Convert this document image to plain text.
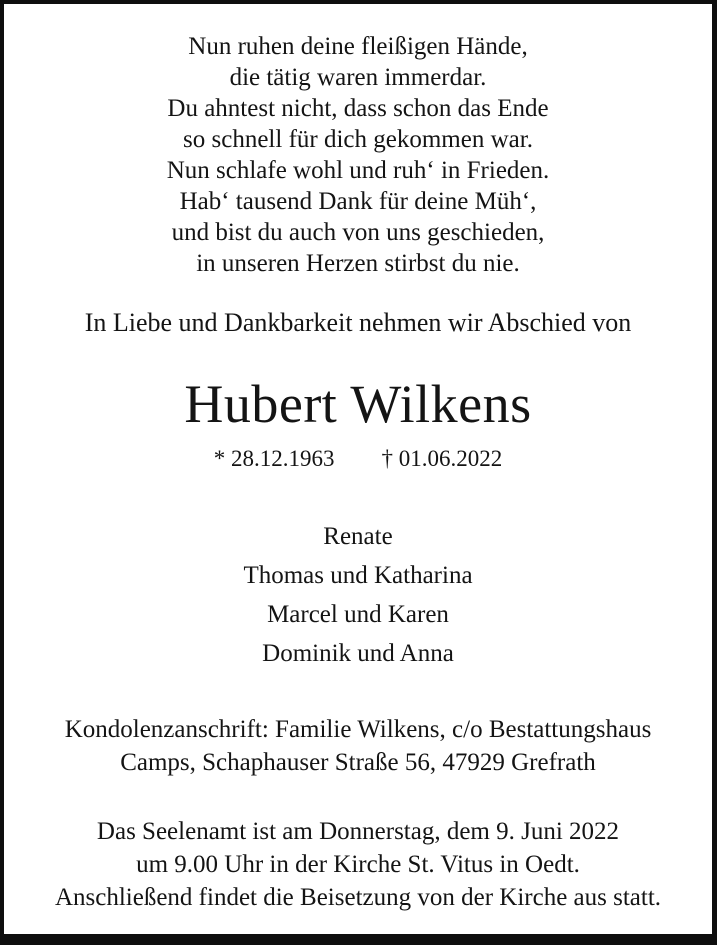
Nun ruhen deine fleißigen Hände,
die tätig waren immerdar.
Du ahntest nicht, dass schon das Ende
so schnell für dich gekommen war.
Nun schlafe wohl und ruh‘ in Frieden.
Hab‘ tausend Dank für deine Müh‘,
und bist du auch von uns geschieden,
in unseren Herzen stirbst du nie.
In Liebe und Dankbarkeit nehmen wir Abschied von
Hubert Wilkens
* 28.12.1963 † 01.06.2022
Renate
Thomas und Katharina
Marcel und Karen
Dominik und Anna
Kondolenzanschrift: Familie Wilkens, c/o Bestattungshaus
Camps, Schaphauser Straße 56, 47929 Grefrath
Das Seelenamt ist am Donnerstag, dem 9. Juni 2022
um 9.00 Uhr in der Kirche St. Vitus in Oedt.
Anschließend findet die Beisetzung von der Kirche aus statt.
